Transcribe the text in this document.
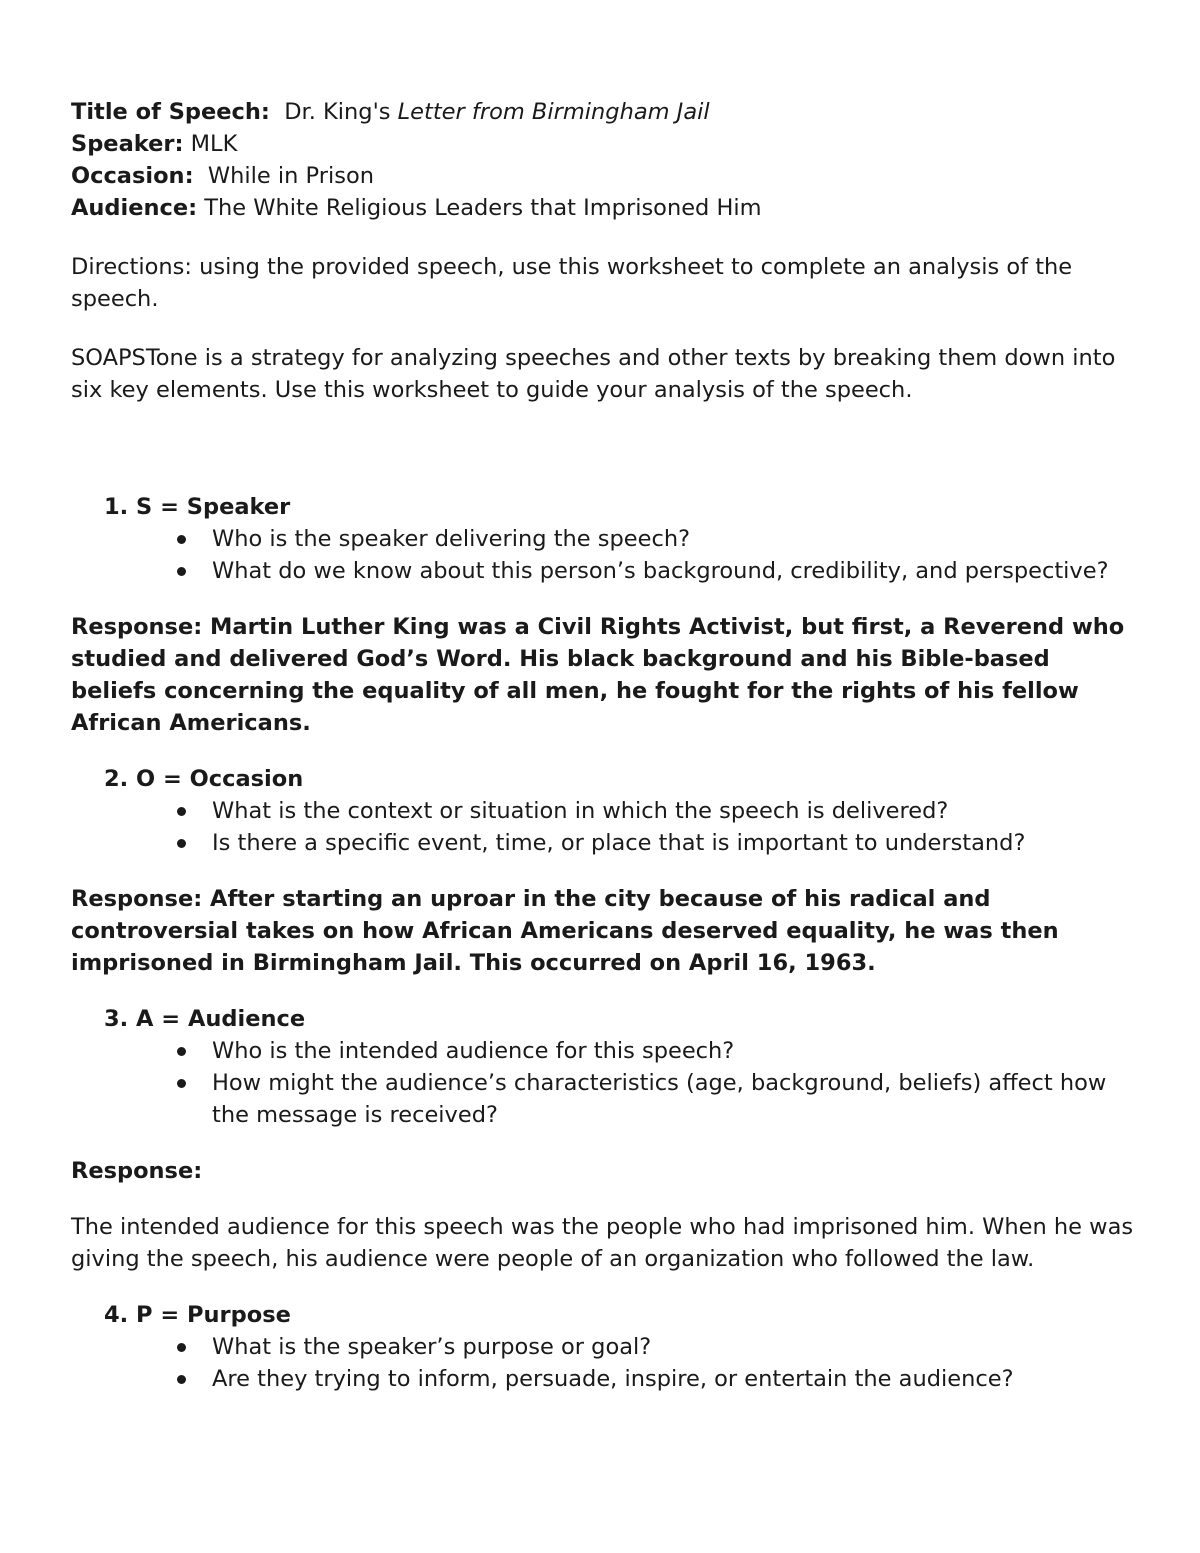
Title of Speech: Dr. King's Letter from Birmingham Jail
Speaker: MLK
Occasion: While in Prison
Audience: The White Religious Leaders that Imprisoned Him
Directions: using the provided speech, use this worksheet to complete an analysis of the speech.
SOAPSTone is a strategy for analyzing speeches and other texts by breaking them down into six key elements. Use this worksheet to guide your analysis of the speech.
1. S = Speaker
Who is the speaker delivering the speech?
What do we know about this person’s background, credibility, and perspective?
Response: Martin Luther King was a Civil Rights Activist, but first, a Reverend who studied and delivered God’s Word. His black background and his Bible-based beliefs concerning the equality of all men, he fought for the rights of his fellow African Americans.
2. O = Occasion
What is the context or situation in which the speech is delivered?
Is there a specific event, time, or place that is important to understand?
Response: After starting an uproar in the city because of his radical and controversial takes on how African Americans deserved equality, he was then imprisoned in Birmingham Jail. This occurred on April 16, 1963.
3. A = Audience
Who is the intended audience for this speech?
How might the audience’s characteristics (age, background, beliefs) affect how the message is received?
Response:
The intended audience for this speech was the people who had imprisoned him. When he was giving the speech, his audience were people of an organization who followed the law.
4. P = Purpose
What is the speaker’s purpose or goal?
Are they trying to inform, persuade, inspire, or entertain the audience?
